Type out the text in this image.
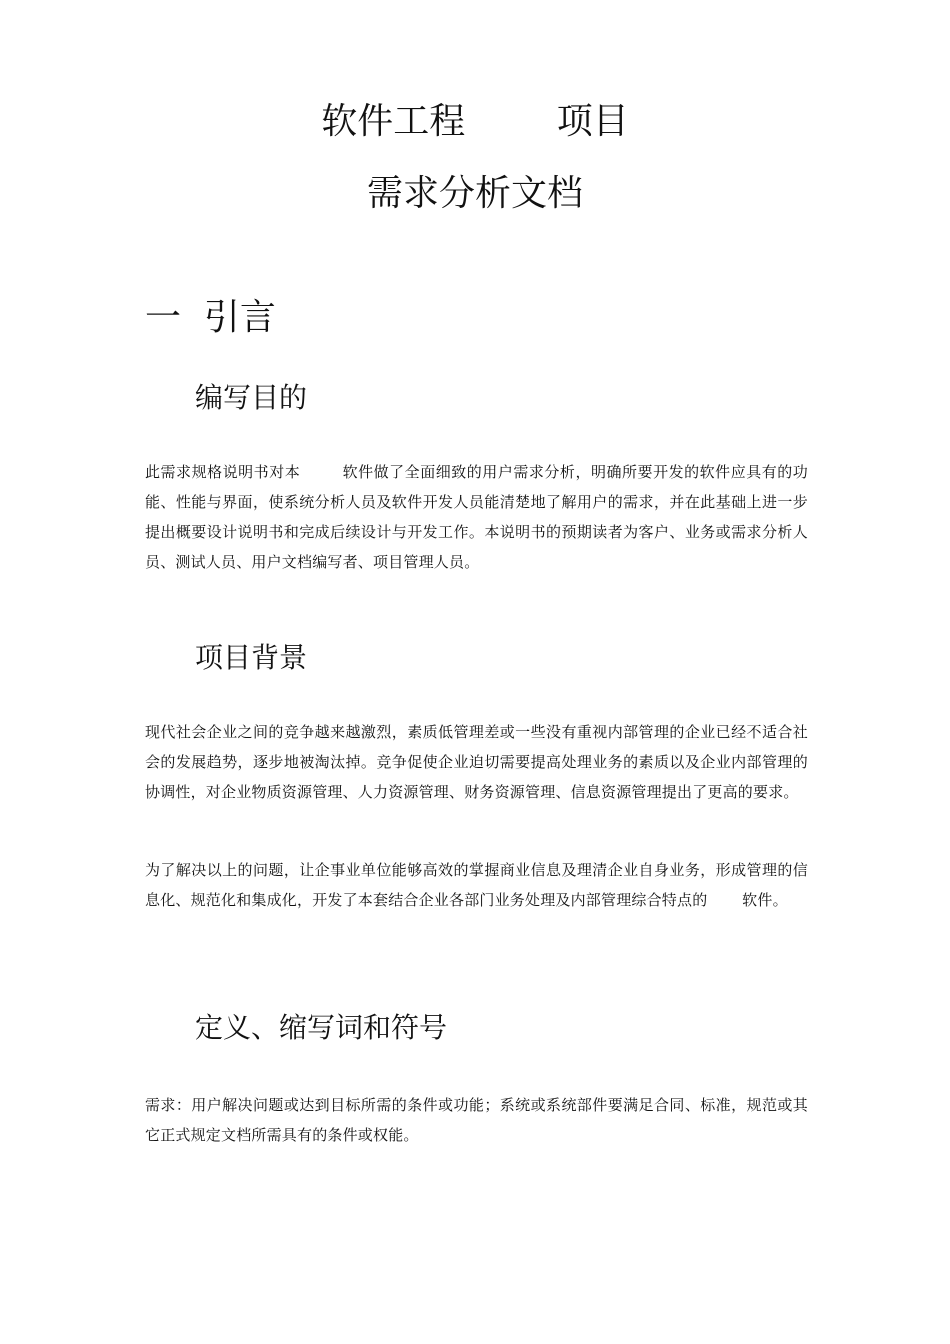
软件工程        项目
需求分析文档
一  引言
编写目的
此需求规格说明书对本        软件做了全面细致的用户需求分析，明确所要开发的软件应具有的功能、性能与界面，使系统分析人员及软件开发人员能清楚地了解用户的需求，并在此基础上进一步提出概要设计说明书和完成后续设计与开发工作。本说明书的预期读者为客户、业务或需求分析人员、测试人员、用户文档编写者、项目管理人员。
项目背景
现代社会企业之间的竞争越来越激烈，素质低管理差或一些没有重视内部管理的企业已经不适合社会的发展趋势，逐步地被淘汰掉。竞争促使企业迫切需要提高处理业务的素质以及企业内部管理的协调性，对企业物质资源管理、人力资源管理、财务资源管理、信息资源管理提出了更高的要求。
为了解决以上的问题，让企事业单位能够高效的掌握商业信息及理清企业自身业务，形成管理的信息化、规范化和集成化，开发了本套结合企业各部门业务处理及内部管理综合特点的       软件。
定义、缩写词和符号
需求：用户解决问题或达到目标所需的条件或功能；系统或系统部件要满足合同、标准，规范或其它正式规定文档所需具有的条件或权能。
